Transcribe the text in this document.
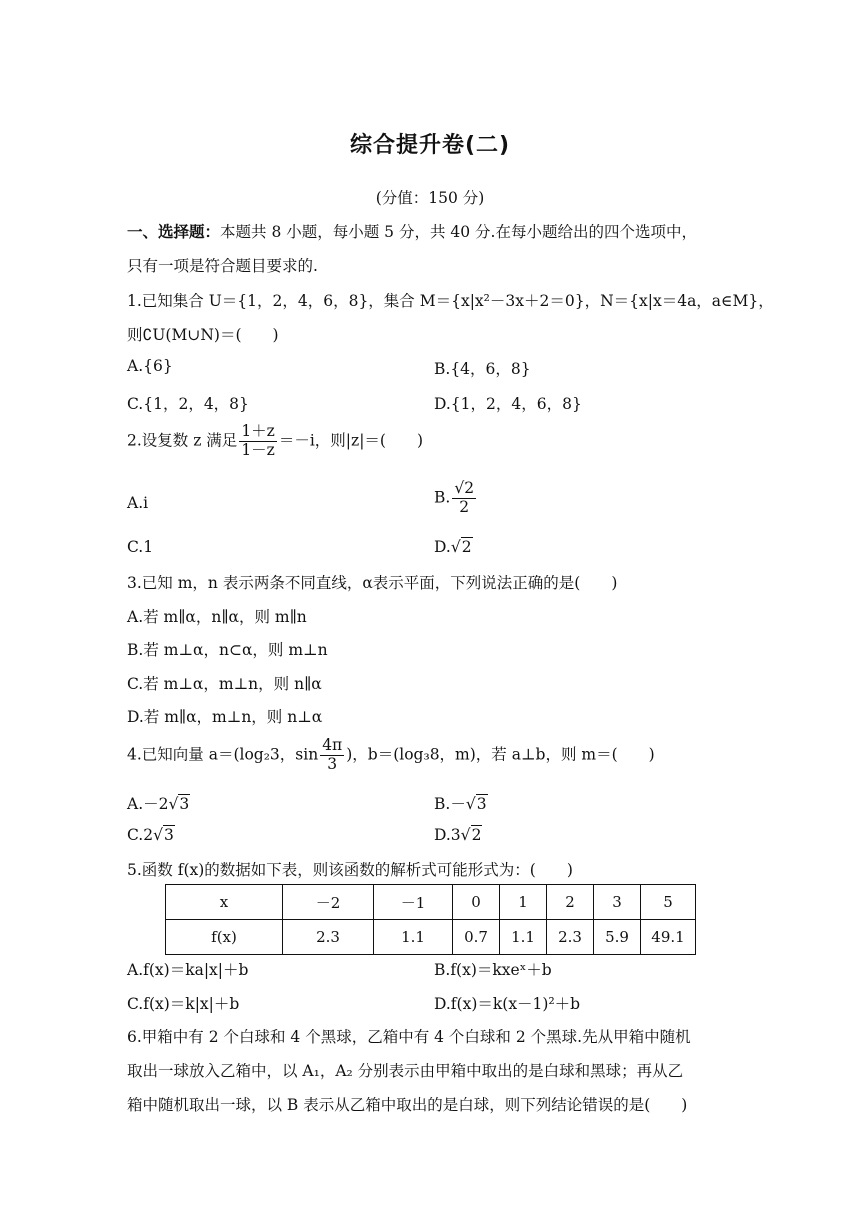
综合提升卷(二)
(分值：150 分)
一、选择题：本题共 8 小题，每小题 5 分，共 40 分.在每小题给出的四个选项中，
只有一项是符合题目要求的.
1.已知集合 U＝{1，2，4，6，8}，集合 M＝{x|x²－3x＋2＝0}，N＝{x|x＝4a，a∈M}，
则∁U(M∪N)＝(　　)
A.{6}	B.{4，6，8}
C.{1，2，4，8}	D.{1，2，4，6，8}
2.设复数 z 满足 $\frac{1+z}{1-z} =-i$，则|z|＝(　　)
A.i	B. $\frac{√2}{2}$
C.1	D.√2
3.已知 m，n 表示两条不同直线，α表示平面，下列说法正确的是(　　)
A.若 m∥α，n∥α，则 m∥n
B.若 m⊥α，n⊂α，则 m⊥n
C.若 m⊥α，m⊥n，则 n∥α
D.若 m∥α，m⊥n，则 n⊥α
4.已知向量 a＝(log₂3，$\sin \frac{4\pi}{3}$ )，b＝(log₃8，m)，若 a⊥b，则 m＝(　　)
A.－2√3	B.－√3
C.2√3	D.3√2
5.函数 f(x)的数据如下表，则该函数的解析式可能形式为：(　　)
x	－2	－1	0	1	2	3	5
f(x)	2.3	1.1	0.7	1.1	2.3	5.9	49.1
A.f(x)＝ka|x|＋b	B.f(x)＝kxeˣ＋b
C.f(x)＝k|x|＋b	D.f(x)＝k(x－1)²＋b
6.甲箱中有 2 个白球和 4 个黑球，乙箱中有 4 个白球和 2 个黑球.先从甲箱中随机
取出一球放入乙箱中，以 A₁，A₂ 分别表示由甲箱中取出的是白球和黑球；再从乙
箱中随机取出一球，以 B 表示从乙箱中取出的是白球，则下列结论错误的是(　　)
